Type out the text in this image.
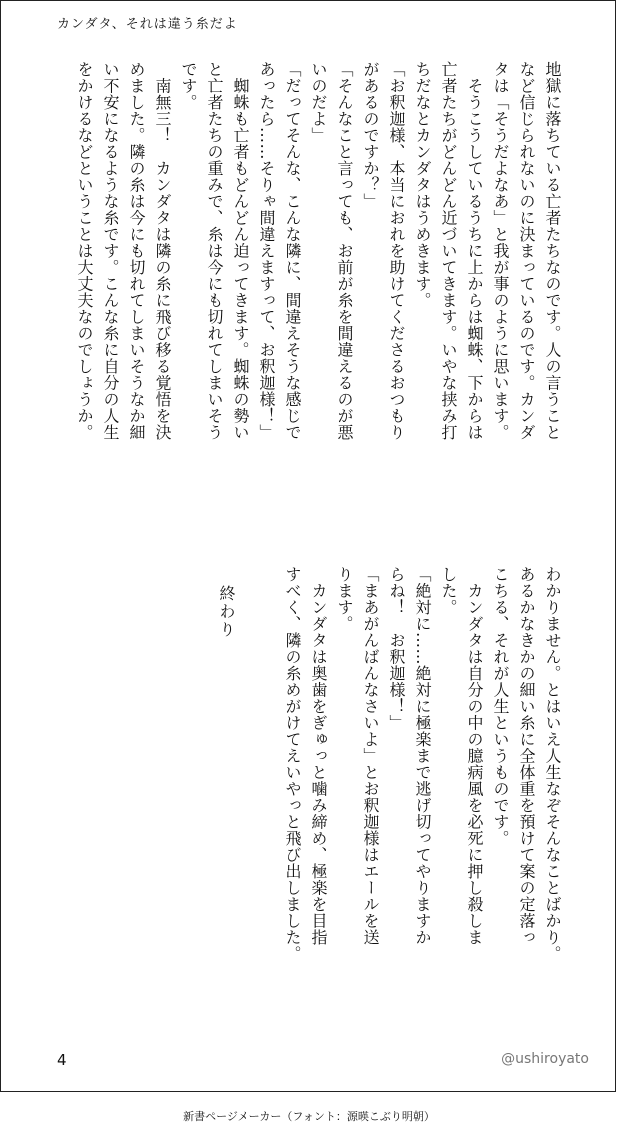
カンダタ、それは違う糸だよ
地獄に落ちている亡者たちなのです。人の言うこと
など信じられないのに決まっているのです。カンダ
タは「そうだよなあ」と我が事のように思います。
　そうこうしているうちに上からは蜘蛛、下からは
亡者たちがどんどん近づいてきます。いやな挟み打
ちだなとカンダタはうめきます。
「お釈迦様、本当におれを助けてくださるおつもり
があるのですか？」
「そんなこと言っても、お前が糸を間違えるのが悪
いのだよ」
「だってそんな、こんな隣に、間違えそうな感じで
あったら……そりゃ間違えますって、お釈迦様！」
　蜘蛛も亡者もどんどん迫ってきます。蜘蛛の勢い
と亡者たちの重みで、糸は今にも切れてしまいそう
です。
　南無三！　カンダタは隣の糸に飛び移る覚悟を決
めました。隣の糸は今にも切れてしまいそうなか細
い不安になるような糸です。こんな糸に自分の人生
をかけるなどということは大丈夫なのでしょうか。
わかりません。とはいえ人生なぞそんなことばかり。
あるかなきかの細い糸に全体重を預けて案の定落っ
こちる、それが人生というものです。
　カンダタは自分の中の臆病風を必死に押し殺しま
した。
「絶対に……絶対に極楽まで逃げ切ってやりますか
らね！　お釈迦様！」
「まあがんばんなさいよ」とお釈迦様はエールを送
ります。
　カンダタは奥歯をぎゅっと噛み締め、極楽を目指
すべく、隣の糸めがけてえいやっと飛び出しました。
終わり
4	@ushiroyato
新書ページメーカー（フォント：源暎こぶり明朝）
